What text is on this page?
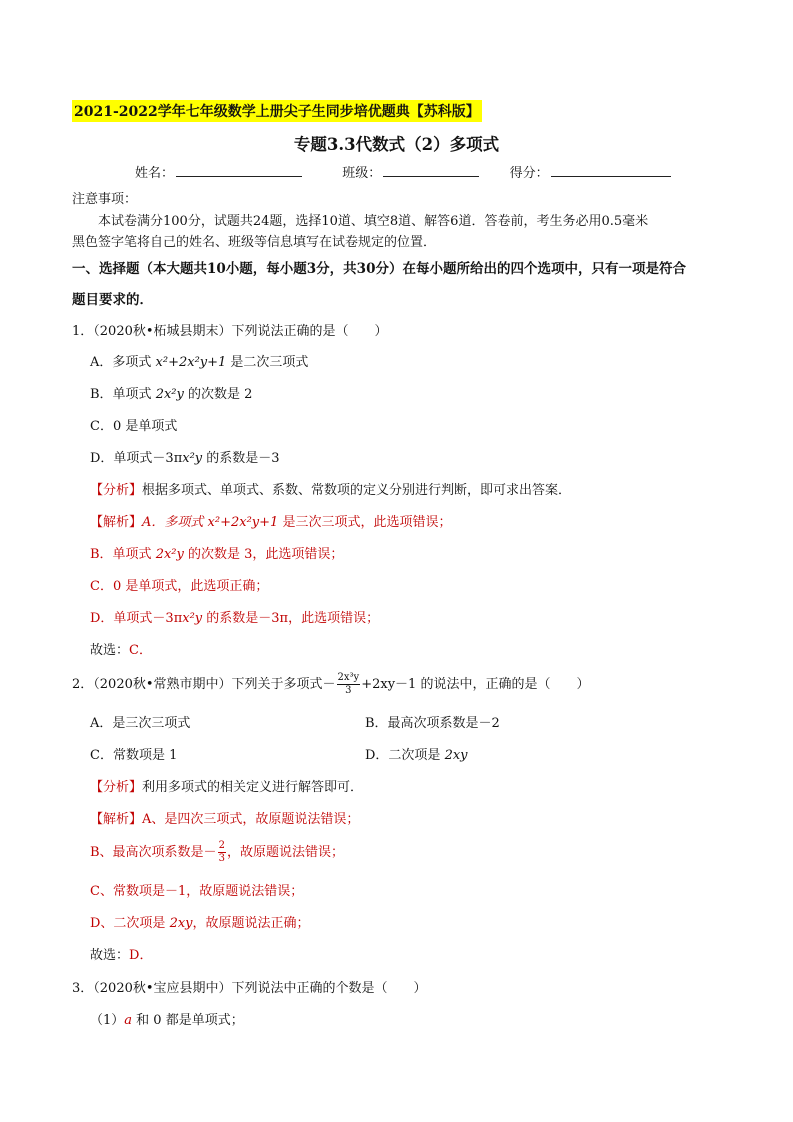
2021-2022学年七年级数学上册尖子生同步培优题典【苏科版】
专题3.3代数式（2）多项式
姓名：	班级：	得分：
注意事项：
本试卷满分100分，试题共24题，选择10道、填空8道、解答6道．答卷前，考生务必用0.5毫米
黑色签字笔将自己的姓名、班级等信息填写在试卷规定的位置．
一、选择题（本大题共10小题，每小题3分，共30分）在每小题所给出的四个选项中，只有一项是符合
题目要求的．
1．（2020秋•柘城县期末）下列说法正确的是（　　）
A．多项式 x²+2x²y+1 是二次三项式
B．单项式 2x²y 的次数是 2
C．0 是单项式
D．单项式－3πx²y 的系数是－3
【分析】根据多项式、单项式、系数、常数项的定义分别进行判断，即可求出答案．
【解析】A．多项式 x²+2x²y+1 是三次三项式，此选项错误；
B．单项式 2x²y 的次数是 3，此选项错误；
C．0 是单项式，此选项正确；
D．单项式－3πx²y 的系数是－3π，此选项错误；
故选：C．
2．（2020秋•常熟市期中）下列关于多项式－ $\frac{\text{2x³y}}{3} +2xy-1$ 的说法中，正确的是（　　）
A．是三次三项式	B．最高次项系数是－2
C．常数项是 1	D．二次项是 2xy
【分析】利用多项式的相关定义进行解答即可．
【解析】A、是四次三项式，故原题说法错误；
B、最高次项系数是－ $\frac{2}{3}$ ，故原题说法错误；
C、常数项是－1，故原题说法错误；
D、二次项是 2xy，故原题说法正确；
故选：D．
3．（2020秋•宝应县期中）下列说法中正确的个数是（　　）
（1）a 和 0 都是单项式；
